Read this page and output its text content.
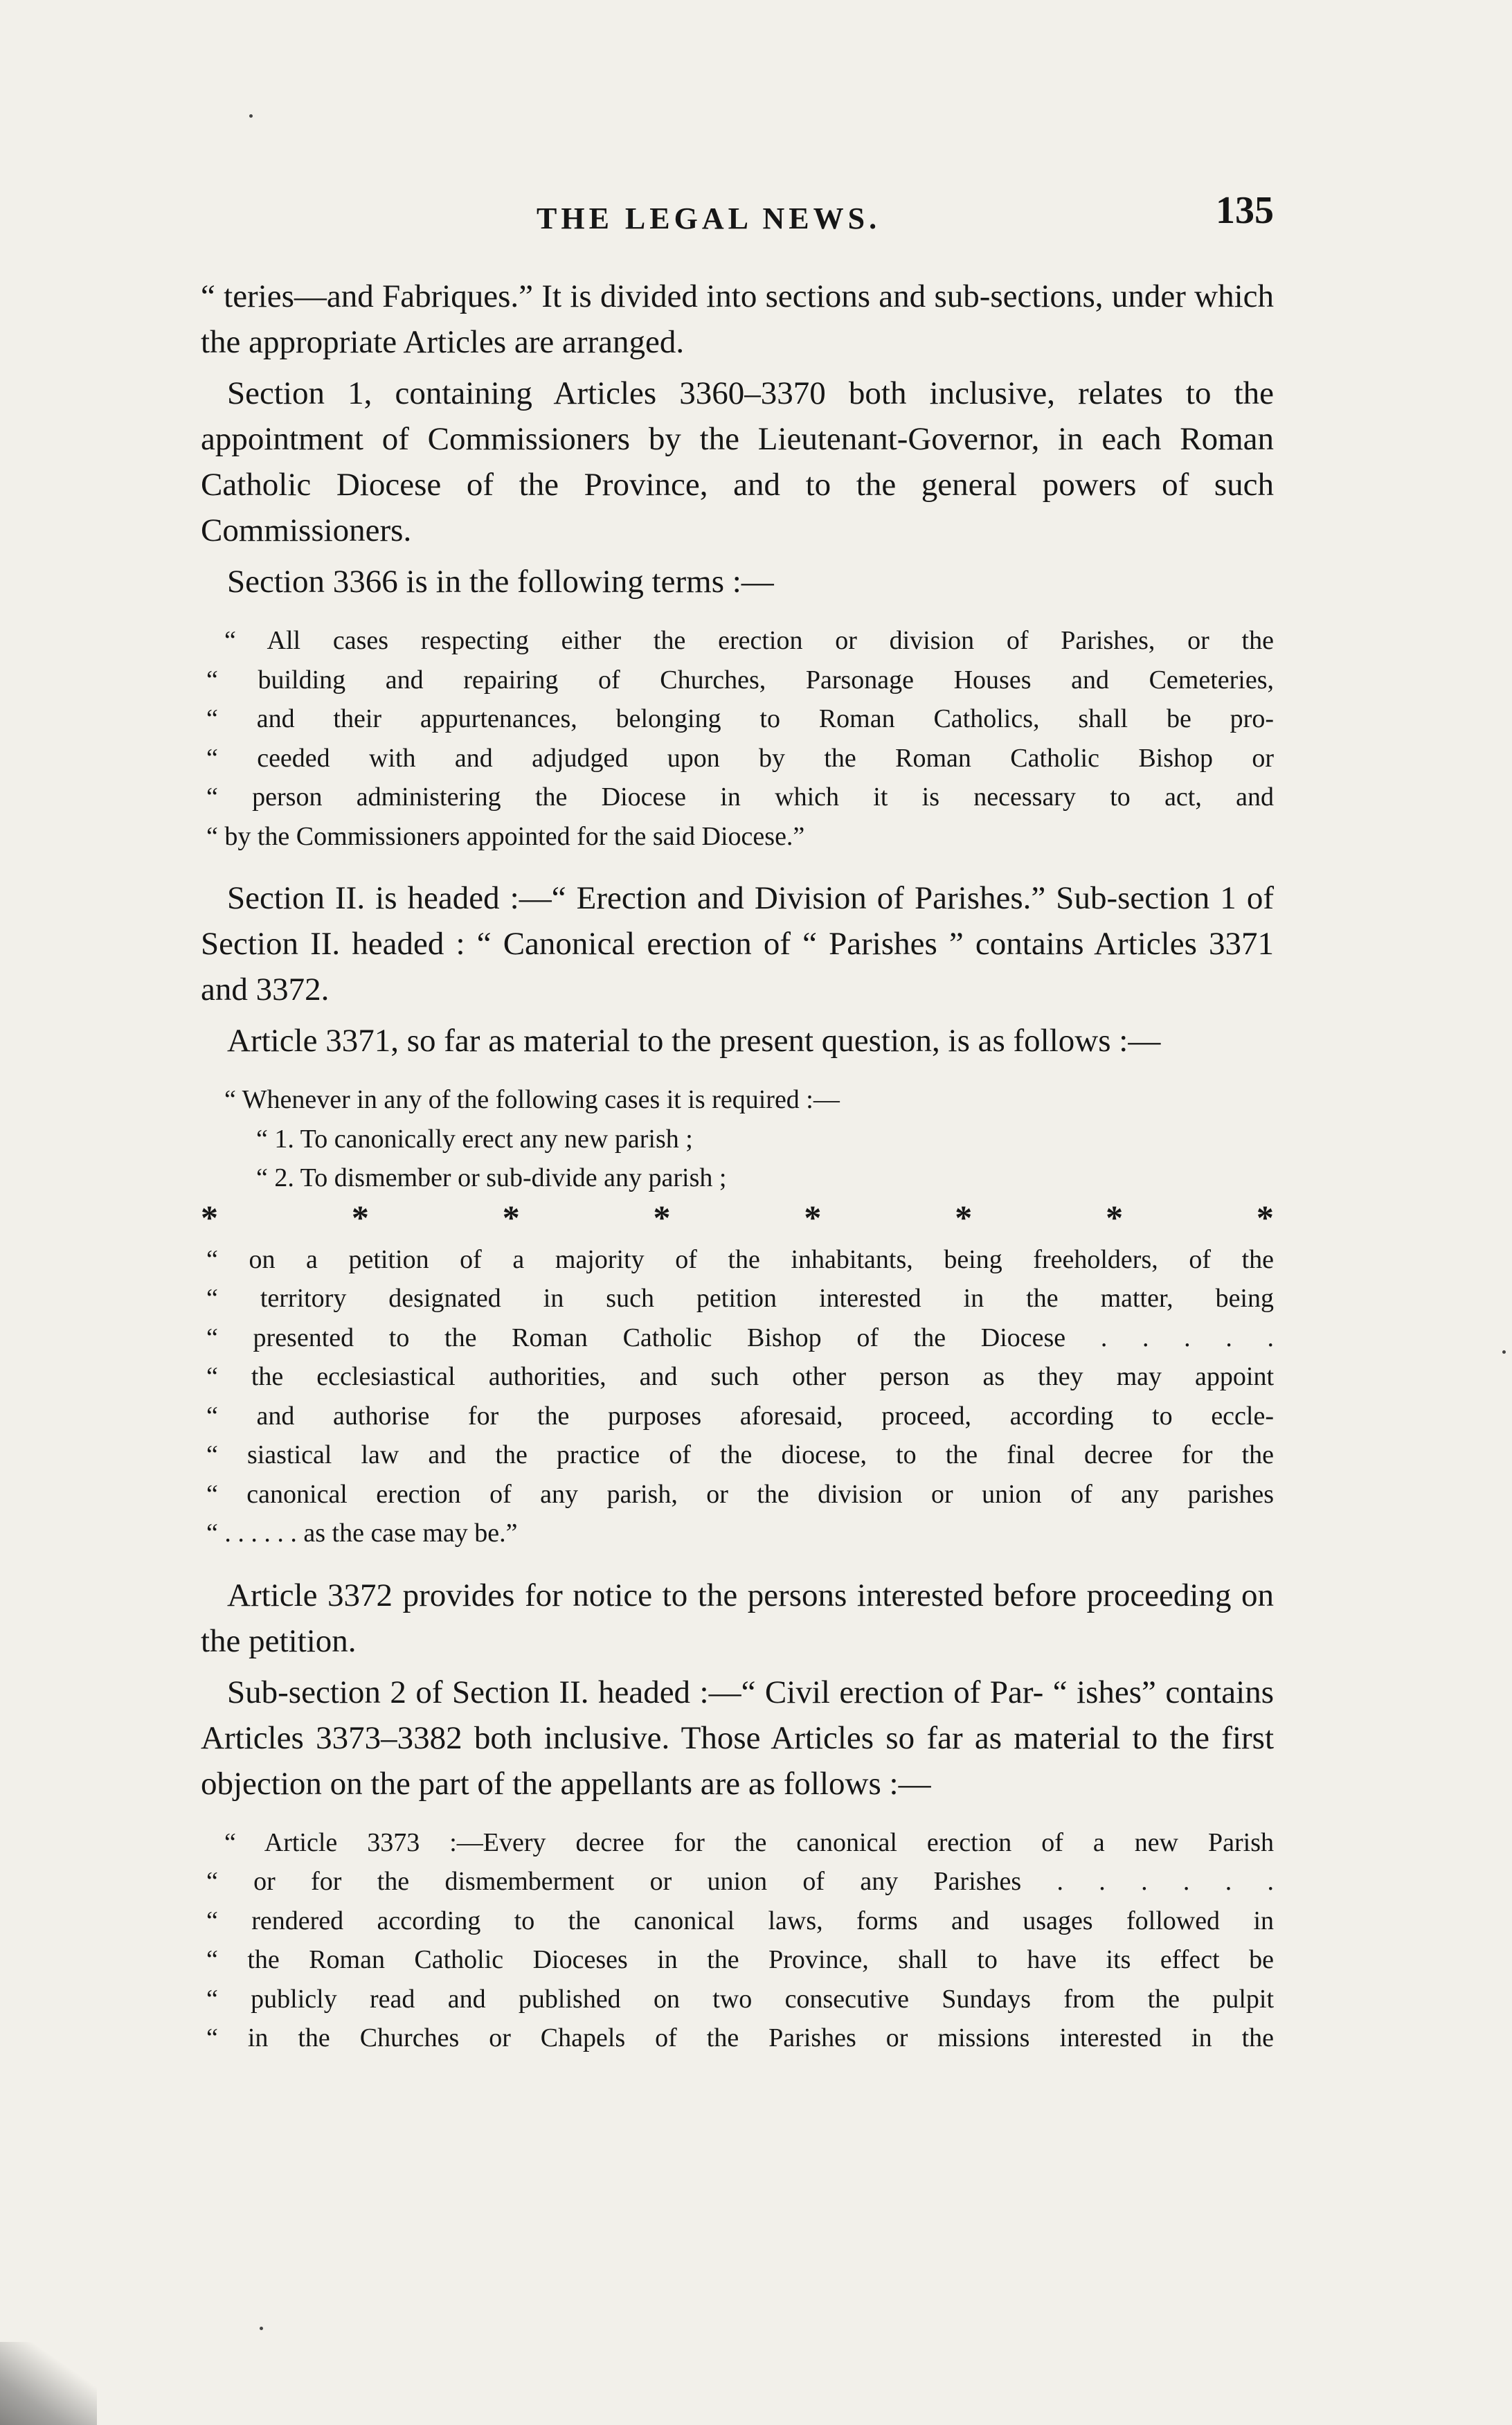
THE LEGAL NEWS.	135

“ teries—and Fabriques.” It is divided into sections and sub-sections, under which the appropriate Articles are arranged.

Section 1, containing Articles 3360–3370 both inclusive, relates to the appointment of Commissioners by the Lieutenant-Governor, in each Roman Catholic Diocese of the Province, and to the general powers of such Commissioners.

Section 3366 is in the following terms :—

“ All cases respecting either the erection or division of Parishes, or the
“ building and repairing of Churches, Parsonage Houses and Cemeteries,
“ and their appurtenances, belonging to Roman Catholics, shall be pro-
“ ceeded with and adjudged upon by the Roman Catholic Bishop or
“ person administering the Diocese in which it is necessary to act, and
“ by the Commissioners appointed for the said Diocese.”

Section II. is headed :—“ Erection and Division of Parishes.” Sub-section 1 of Section II. headed : “ Canonical erection of “ Parishes ” contains Articles 3371 and 3372.

Article 3371, so far as material to the present question, is as follows :—

“ Whenever in any of the following cases it is required :—
“ 1. To canonically erect any new parish ;
“ 2. To dismember or sub-divide any parish ;
*	*	*	*	*	*	*	*
“ on a petition of a majority of the inhabitants, being freeholders, of the
“ territory designated in such petition interested in the matter, being
“ presented to the Roman Catholic Bishop of the Diocese . . . . .
“ the ecclesiastical authorities, and such other person as they may appoint
“ and authorise for the purposes aforesaid, proceed, according to eccle-
“ siastical law and the practice of the diocese, to the final decree for the
“ canonical erection of any parish, or the division or union of any parishes
“ . . . . . . as the case may be.”

Article 3372 provides for notice to the persons interested before proceeding on the petition.

Sub-section 2 of Section II. headed :—“ Civil erection of Par- “ ishes” contains Articles 3373–3382 both inclusive. Those Articles so far as material to the first objection on the part of the appellants are as follows :—

“ Article 3373 :—Every decree for the canonical erection of a new Parish
“ or for the dismemberment or union of any Parishes . . . . . .
“ rendered according to the canonical laws, forms and usages followed in
“ the Roman Catholic Dioceses in the Province, shall to have its effect be
“ publicly read and published on two consecutive Sundays from the pulpit
“ in the Churches or Chapels of the Parishes or missions interested in the
